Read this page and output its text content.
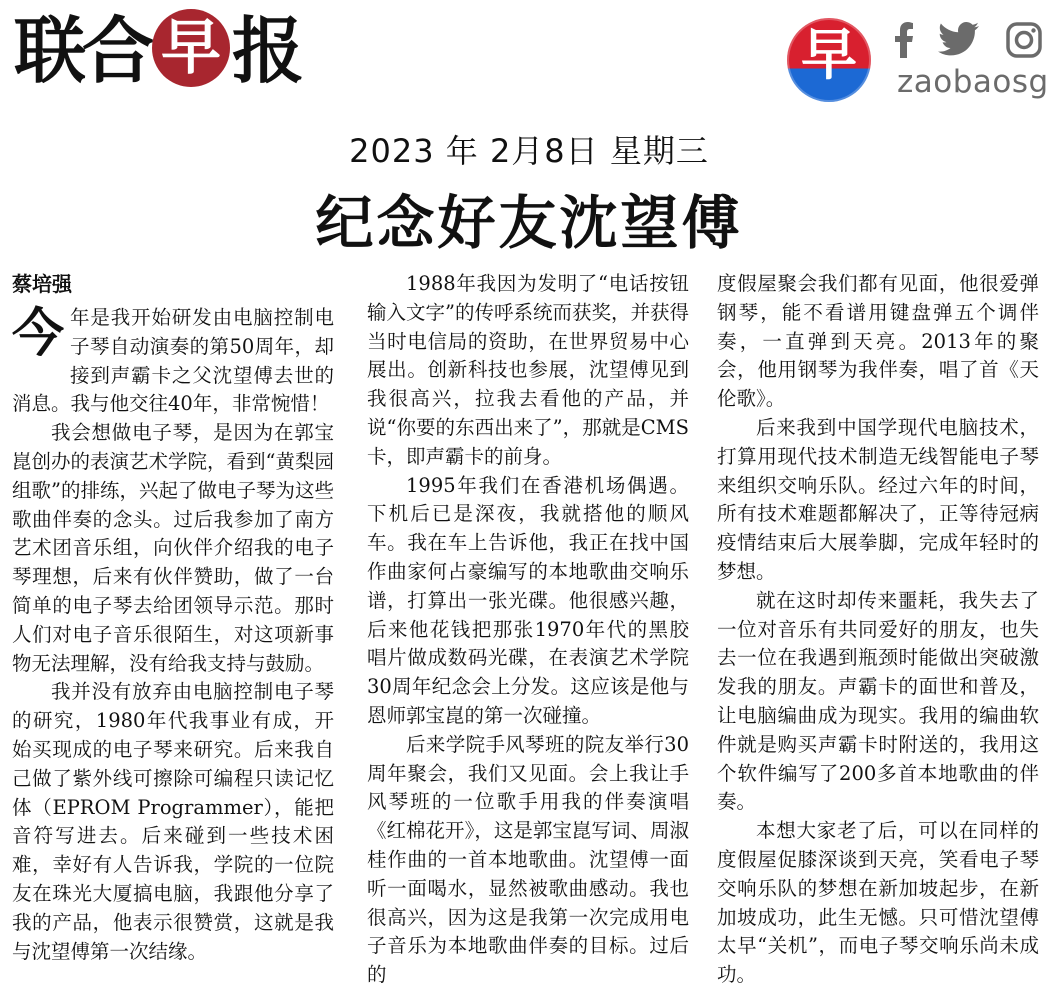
联合 早 报	早	zaobaosg
2023 年 2月8日 星期三
纪念好友沈望傅
蔡培强

今年是我开始研发由电脑控制电子琴自动演奏的第50周年，却接到声霸卡之父沈望傅去世的消息。我与他交往40年，非常惋惜！

我会想做电子琴，是因为在郭宝崑创办的表演艺术学院，看到“黄梨园组歌”的排练，兴起了做电子琴为这些歌曲伴奏的念头。过后我参加了南方艺术团音乐组，向伙伴介绍我的电子琴理想，后来有伙伴赞助，做了一台简单的电子琴去给团领导示范。那时人们对电子音乐很陌生，对这项新事物无法理解，没有给我支持与鼓励。

我并没有放弃由电脑控制电子琴的研究，1980年代我事业有成，开始买现成的电子琴来研究。后来我自己做了紫外线可擦除可编程只读记忆体（EPROM Programmer），能把音符写进去。后来碰到一些技术困难，幸好有人告诉我，学院的一位院友在珠光大厦搞电脑，我跟他分享了我的产品，他表示很赞赏，这就是我与沈望傅第一次结缘。

1988年我因为发明了“电话按钮输入文字”的传呼系统而获奖，并获得当时电信局的资助，在世界贸易中心展出。创新科技也参展，沈望傅见到我很高兴，拉我去看他的产品，并说“你要的东西出来了”，那就是CMS卡，即声霸卡的前身。

1995年我们在香港机场偶遇。下机后已是深夜，我就搭他的顺风车。我在车上告诉他，我正在找中国作曲家何占豪编写的本地歌曲交响乐谱，打算出一张光碟。他很感兴趣，后来他花钱把那张1970年代的黑胶唱片做成数码光碟，在表演艺术学院30周年纪念会上分发。这应该是他与恩师郭宝崑的第一次碰撞。

后来学院手风琴班的院友举行30周年聚会，我们又见面。会上我让手风琴班的一位歌手用我的伴奏演唱《红棉花开》，这是郭宝崑写词、周淑桂作曲的一首本地歌曲。沈望傅一面听一面喝水，显然被歌曲感动。我也很高兴，因为这是我第一次完成用电子音乐为本地歌曲伴奏的目标。过后的

度假屋聚会我们都有见面，他很爱弹钢琴，能不看谱用键盘弹五个调伴奏，一直弹到天亮。2013年的聚会，他用钢琴为我伴奏，唱了首《天伦歌》。

后来我到中国学现代电脑技术，打算用现代技术制造无线智能电子琴来组织交响乐队。经过六年的时间，所有技术难题都解决了，正等待冠病疫情结束后大展拳脚，完成年轻时的梦想。

就在这时却传来噩耗，我失去了一位对音乐有共同爱好的朋友，也失去一位在我遇到瓶颈时能做出突破激发我的朋友。声霸卡的面世和普及，让电脑编曲成为现实。我用的编曲软件就是购买声霸卡时附送的，我用这个软件编写了200多首本地歌曲的伴奏。

本想大家老了后，可以在同样的度假屋促膝深谈到天亮，笑看电子琴交响乐队的梦想在新加坡起步，在新加坡成功，此生无憾。只可惜沈望傅太早“关机”，而电子琴交响乐尚未成功。
